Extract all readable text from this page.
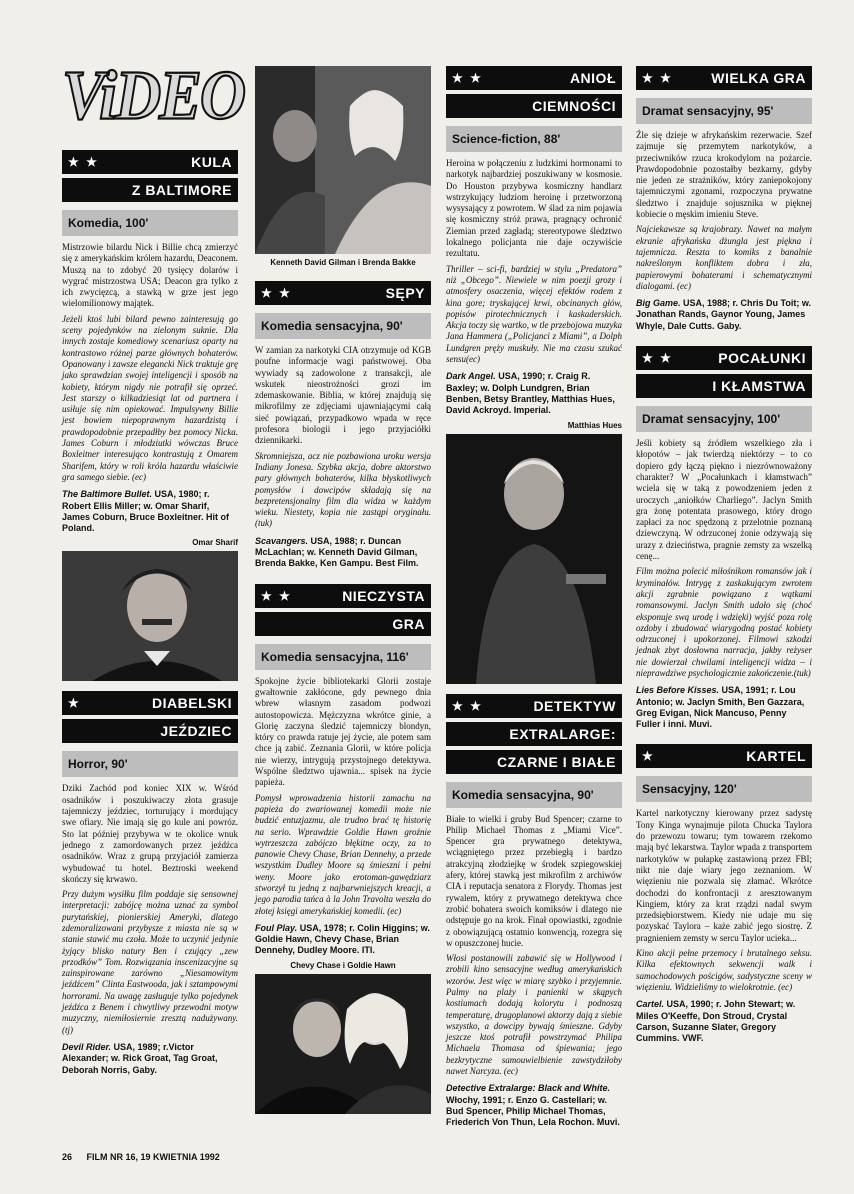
ViDEO
★ ★	KULA
Z BALTIMORE
Komedia, 100'

Mistrzowie bilardu Nick i Billie chcą zmierzyć się z amerykańskim królem hazardu, Deaconem. Muszą na to zdobyć 20 tysięcy dolarów i wygrać mistrzostwa USA; Deacon gra tylko z ich zwycięzcą, a stawką w grze jest jego wielomilionowy majątek.

Jeżeli ktoś lubi bilard pewno zainteresują go sceny pojedynków na zielonym suknie. Dla innych zostaje komediowy scenariusz oparty na kontrastowo różnej parze głównych bohaterów. Opanowany i zawsze elegancki Nick traktuje grę jako sprawdzian swojej inteligencji i sposób na kobiety, którym nigdy nie potrafił się oprzeć. Jest starszy o kilkadziesiąt lat od partnera i usiłuje się nim opiekować. Impulsywny Billie jest bowiem niepoprawnym hazardzistą i prawdopodobnie przepadłby bez pomocy Nicka. James Coburn i młodziutki wówczas Bruce Boxleitner interesująco kontrastują z Omarem Sharifem, który w roli króla hazardu właściwie gra samego siebie. (ec)

The Baltimore Bullet. USA, 1980; r. Robert Ellis Miller; w. Omar Sharif, James Coburn, Bruce Boxleitner. Hit of Poland.
Omar Sharif
★	DIABELSKI
JEŹDZIEC
Horror, 90'

Dziki Zachód pod koniec XIX w. Wśród osadników i poszukiwaczy złota grasuje tajemniczy jeździec, torturujący i mordujący swe ofiary. Nie imają się go kule ani powróz. Sto lat później przybywa w te okolice wnuk jednego z zamordowanych przez jeźdźca osadników. Wraz z grupą przyjaciół zamierza wybudować tu hotel. Beztroski weekend skończy się krwawo.

Przy dużym wysiłku film poddaje się sensownej interpretacji: zabójcę można uznać za symbol purytańskiej, pionierskiej Ameryki, dlatego zdemoralizowani przybysze z miasta nie są w stanie stawić mu czoła. Może to uczynić jedynie żyjący blisko natury Ben i czujący „zew przodków” Tom. Rozwiązania inscenizacyjne są zainspirowane zarówno „Niesamowitym jeźdźcem” Clinta Eastwooda, jak i sztampowymi horrorami. Na uwagę zasługuje tylko pojedynek jeźdźca z Benem i chwytliwy przewodni motyw muzyczny, niemiłosiernie zresztą nadużywany. (tj)

Devil Rider. USA, 1989; r.Victor Alexander; w. Rick Groat, Tag Groat, Deborah Norris, Gaby.
Kenneth David Gilman i Brenda Bakke
★ ★	SĘPY
Komedia sensacyjna, 90'

W zamian za narkotyki CIA otrzymuje od KGB poufne informacje wagi państwowej. Oba wywiady są zadowolone z transakcji, ale wskutek nieostrożności grozi im zdemaskowanie. Biblia, w której znajdują się mikrofilmy ze zdjęciami ujawniającymi całą sieć powiązań, przypadkowo wpada w ręce profesora biologii i jego przyjaciółki dziennikarki.

Skromniejsza, acz nie pozbawiona uroku wersja Indiany Jonesa. Szybka akcja, dobre aktorstwo pary głównych bohaterów, kilka błyskotliwych pomysłów i dowcipów składają się na bezpretensjonalny film dla widza w każdym wieku. Niestety, kopia nie zastąpi oryginału. (tuk)

Scavangers. USA, 1988; r. Duncan McLachlan; w. Kenneth David Gilman, Brenda Bakke, Ken Gampu. Best Film.
★ ★	NIECZYSTA
GRA
Komedia sensacyjna, 116'

Spokojne życie bibliotekarki Glorii zostaje gwałtownie zakłócone, gdy pewnego dnia wbrew własnym zasadom podwozi autostopowicza. Mężczyzna wkrótce ginie, a Glorię zaczyna śledzić tajemniczy blondyn, który co prawda ratuje jej życie, ale potem sam chce ją zabić. Zeznania Glorii, w które policja nie wierzy, intrygują przystojnego detektywa. Wspólne śledztwo ujawnia... spisek na życie papieża.

Pomysł wprowadzenia historii zamachu na papieża do zwariowanej komedii może nie budzić entuzjazmu, ale trudno brać tę historię na serio. Wprawdzie Goldie Hawn groźnie wytrzeszcza zabójczo błękitne oczy, za to panowie Chevy Chase, Brian Dennehy, a przede wszystkim Dudley Moore są śmieszni i pełni weny. Moore jako erotoman-gawędziarz stworzył tu jedną z najbarwniejszych kreacji, a jego parodia tańca à la John Travolta weszła do złotej księgi amerykańskiej komedii. (ec)

Foul Play. USA, 1978; r. Colin Higgins; w. Goldie Hawn, Chevy Chase, Brian Dennehy, Dudley Moore. ITI.
Chevy Chase i Goldie Hawn
★ ★	ANIOŁ
CIEMNOŚCI
Science-fiction, 88'

Heroina w połączeniu z ludzkimi hormonami to narkotyk najbardziej poszukiwany w kosmosie. Do Houston przybywa kosmiczny handlarz wstrzykujący ludziom heroinę i przetworzoną wysysający z powrotem. W ślad za nim pojawia się kosmiczny stróż prawa, pragnący ochronić Ziemian przed zagładą; stereotypowe śledztwo lokalnego policjanta nie daje oczywiście rezultatu.

Thriller – sci-fi, bardziej w stylu „Predatora” niż „Obcego”. Niewiele w nim poezji grozy i atmosfery osaczenia, więcej efektów rodem z kina gore; tryskającej krwi, obcinanych głów, popisów pirotechnicznych i kaskaderskich. Akcja toczy się wartko, w tle przebojowa muzyka Jana Hammera („Policjanci z Miami”, a Dolph Lundgren pręży muskuły. Nie ma czasu szukać sensu(ec)

Dark Angel. USA, 1990; r. Craig R. Baxley; w. Dolph Lundgren, Brian Benben, Betsy Brantley, Matthias Hues, David Ackroyd. Imperial.
Matthias Hues
★ ★	DETEKTYW
EXTRALARGE:
CZARNE I BIAŁE
Komedia sensacyjna, 90'

Białe to wielki i gruby Bud Spencer; czarne to Philip Michael Thomas z „Miami Vice”. Spencer gra prywatnego detektywa, wciągniętego przez przebiegłą i bardzo atrakcyjną złodziejkę w środek szpiegowskiej afery, której stawką jest mikrofilm z archiwów CIA i reputacja senatora z Florydy. Thomas jest rywalem, który z prywatnego detektywa chce zrobić bohatera swoich komiksów i dlatego nie odstępuje go na krok. Finał opowiastki, zgodnie z obowiązującą ostatnio konwencją, rozegra się w opuszczonej hucie.

Włosi postanowili zabawić się w Hollywood i zrobili kino sensacyjne według amerykańskich wzorów. Jest więc w miarę szybko i przyjemnie. Palmy na plaży i panienki w skąpych kostiumach dodają kolorytu i podnoszą temperaturę, drugoplanowi aktorzy dają z siebie wszystko, a dowcipy bywają śmieszne. Gdyby jeszcze ktoś potrafił powstrzymać Philipa Michaela Thomasa od śpiewania; jego bezkrytyczne samouwielbienie zawstydziłoby nawet Narcyza. (ec)

Detective Extralarge: Black and White. Włochy, 1991; r. Enzo G. Castellari; w. Bud Spencer, Philip Michael Thomas, Friederich Von Thun, Lela Rochon. Muvi.
★ ★	WIELKA GRA
Dramat sensacyjny, 95'

Źle się dzieje w afrykańskim rezerwacie. Szef zajmuje się przemytem narkotyków, a przeciwników rzuca krokodylom na pożarcie. Prawdopodobnie pozostałby bezkarny, gdyby nie jeden ze strażników, który zaniepokojony tajemniczymi zgonami, rozpoczyna prywatne śledztwo i znajduje sojusznika w pięknej kobiecie o męskim imieniu Steve.

Najciekawsze są krajobrazy. Nawet na małym ekranie afrykańska dżungla jest piękna i tajemnicza. Reszta to komiks z banalnie nakreślonym konfliktem dobra i zła, papierowymi bohaterami i schematycznymi dialogami. (ec)

Big Game. USA, 1988; r. Chris Du Toit; w. Jonathan Rands, Gaynor Young, James Whyle, Dale Cutts. Gaby.
★ ★	POCAŁUNKI
I KŁAMSTWA
Dramat sensacyjny, 100'

Jeśli kobiety są źródłem wszelkiego zła i kłopotów – jak twierdzą niektórzy – to co dopiero gdy łączą piękno i niezrównoważony charakter? W „Pocałunkach i kłamstwach” wciela się w taką z powodzeniem jeden z uroczych „aniołków Charliego”. Jaclyn Smith gra żonę potentata prasowego, który drogo zapłaci za noc spędzoną z przelotnie poznaną dziewczyną. W odrzuconej żonie odzywają się urazy z dzieciństwa, pragnie zemsty za wszelką cenę...

Film można polecić miłośnikom romansów jak i kryminałów. Intrygę z zaskakującym zwrotem akcji zgrabnie powiązano z wątkami romansowymi. Jaclyn Smith udało się (choć eksponuje swą urodę i wdzięki) wyjść poza rolę ozdoby i zbudować wiarygodną postać kobiety odrzuconej i upokorzonej. Filmowi szkodzi jednak zbyt dosłowna narracja, jakby reżyser nie dowierzał chwilami inteligencji widza – i nieprawdziwe psychologicznie zakończenie.(tuk)

Lies Before Kisses. USA, 1991; r. Lou Antonio; w. Jaclyn Smith, Ben Gazzara, Greg Evigan, Nick Mancuso, Penny Fuller i inni. Muvi.
★	KARTEL
Sensacyjny, 120'

Kartel narkotyczny kierowany przez sadystę Tony Kinga wynajmuje pilota Chucka Taylora do przewozu towaru; tym towarem rzekomo mają być lekarstwa. Taylor wpada z transportem narkotyków w pułapkę zastawioną przez FBI; nikt nie daje wiary jego zeznaniom. W więzieniu nie pozwala się złamać. Wkrótce dochodzi do konfrontacji z aresztowanym Kingiem, który za krat rządzi nadal swym przedsiębiorstwem. Kiedy nie udaje mu się pozyskać Taylora – każe zabić jego siostrę. Z pragnieniem zemsty w sercu Taylor ucieka...

Kino akcji pełne przemocy i brutalnego seksu. Kilka efektownych sekwencji walk i samochodowych pościgów, sadystyczne sceny w więzieniu. Widzieliśmy to wielokrotnie. (ec)

Cartel. USA, 1990; r. John Stewart; w. Miles O'Keeffe, Don Stroud, Crystal Carson, Suzanne Slater, Gregory Cummins. VWF.
26 FILM NR 16, 19 KWIETNIA 1992
